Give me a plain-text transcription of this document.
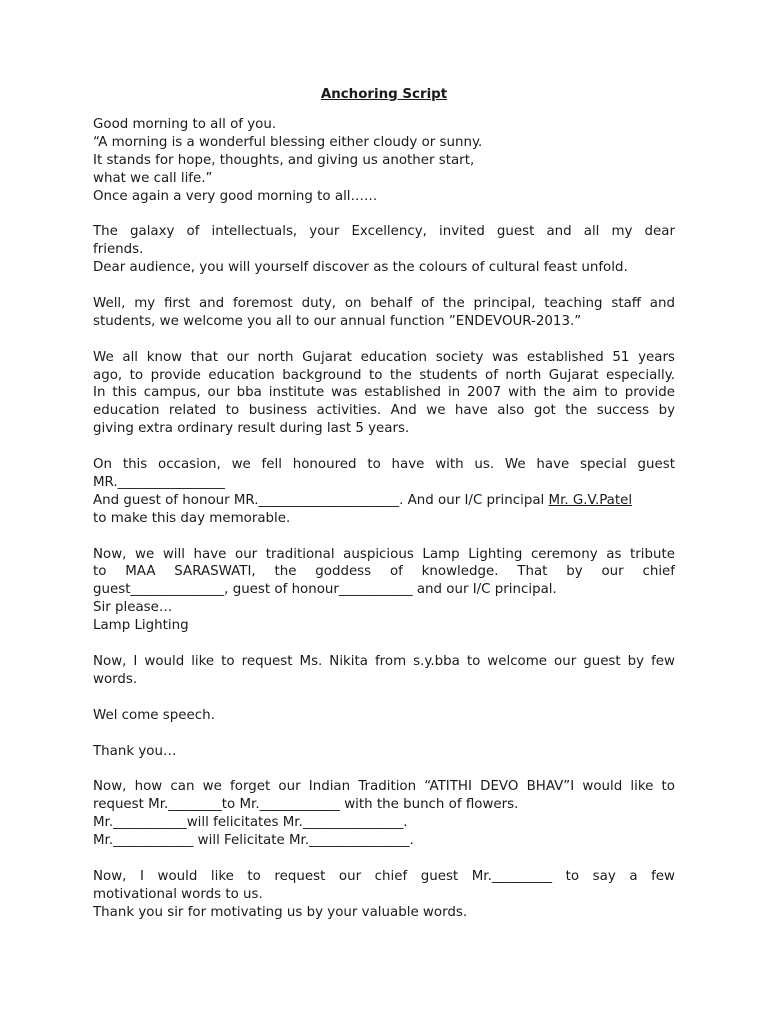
Anchoring Script
Good morning to all of you.
“A morning is a wonderful blessing either cloudy or sunny.
It stands for hope, thoughts, and giving us another start,
what we call life.”
Once again a very good morning to all……
The galaxy of intellectuals, your Excellency, invited guest and all my dear
friends.
Dear audience, you will yourself discover as the colours of cultural feast unfold.
Well, my first and foremost duty, on behalf of the principal, teaching staff and
students, we welcome you all to our annual function ”ENDEVOUR-2013.”
We all know that our north Gujarat education society was established 51 years
ago, to provide education background to the students of north Gujarat especially.
In this campus, our bba institute was established in 2007 with the aim to provide
education related to business activities. And we have also got the success by
giving extra ordinary result during last 5 years.
On this occasion, we fell honoured to have with us. We have special guest
MR.________________
And guest of honour MR._____________________. And our I/C principal Mr. G.V.Patel
to make this day memorable.
Now, we will have our traditional auspicious Lamp Lighting ceremony as tribute
to MAA SARASWATI, the goddess of knowledge. That by our chief
guest______________, guest of honour___________ and our I/C principal.
Sir please…
Lamp Lighting
Now, I would like to request Ms. Nikita from s.y.bba to welcome our guest by few
words.
Wel come speech.
Thank you…
Now, how can we forget our Indian Tradition “ATITHI DEVO BHAV”I would like to
request Mr.________to Mr.____________ with the bunch of flowers.
Mr.___________will felicitates Mr._______________.
Mr.____________ will Felicitate Mr._______________.
Now, I would like to request our chief guest Mr._________ to say a few
motivational words to us.
Thank you sir for motivating us by your valuable words.
